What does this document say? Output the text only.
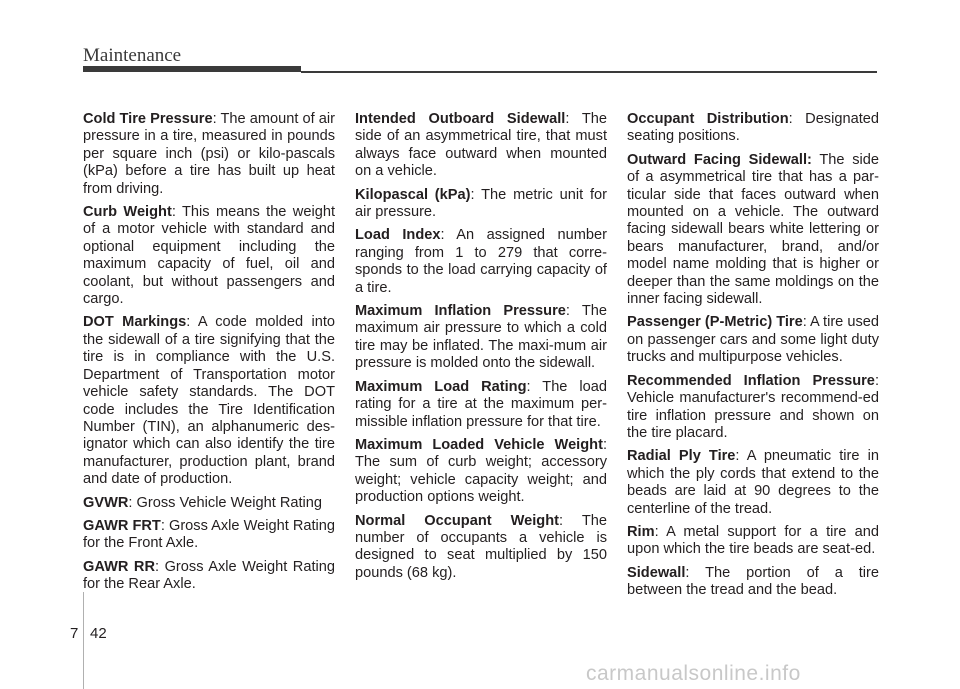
Maintenance

Cold Tire Pressure: The amount of air pressure in a tire, measured in pounds per square inch (psi) or kilo-pascals (kPa) before a tire has built up heat from driving.

Curb Weight: This means the weight of a motor vehicle with standard and optional equipment including the maximum capacity of fuel, oil and coolant, but without passengers and cargo.

DOT Markings: A code molded into the sidewall of a tire signifying that the tire is in compliance with the U.S. Department of Transportation motor vehicle safety standards. The DOT code includes the Tire Identification Number (TIN), an alphanumeric des-ignator which can also identify the tire manufacturer, production plant, brand and date of production.

GVWR: Gross Vehicle Weight Rating

GAWR FRT: Gross Axle Weight Rating for the Front Axle.

GAWR RR: Gross Axle Weight Rating for the Rear Axle.

Intended Outboard Sidewall: The side of an asymmetrical tire, that must always face outward when mounted on a vehicle.

Kilopascal (kPa): The metric unit for air pressure.

Load Index: An assigned number ranging from 1 to 279 that corre-sponds to the load carrying capacity of a tire.

Maximum Inflation Pressure: The maximum air pressure to which a cold tire may be inflated. The maxi-mum air pressure is molded onto the sidewall.

Maximum Load Rating: The load rating for a tire at the maximum per-missible inflation pressure for that tire.

Maximum Loaded Vehicle Weight: The sum of curb weight; accessory weight; vehicle capacity weight; and production options weight.

Normal Occupant Weight: The number of occupants a vehicle is designed to seat multiplied by 150 pounds (68 kg).

Occupant Distribution: Designated seating positions.

Outward Facing Sidewall: The side of a asymmetrical tire that has a par-ticular side that faces outward when mounted on a vehicle. The outward facing sidewall bears white lettering or bears manufacturer, brand, and/or model name molding that is higher or deeper than the same moldings on the inner facing sidewall.

Passenger (P-Metric) Tire: A tire used on passenger cars and some light duty trucks and multipurpose vehicles.

Recommended Inflation Pressure: Vehicle manufacturer's recommend-ed tire inflation pressure and shown on the tire placard.

Radial Ply Tire: A pneumatic tire in which the ply cords that extend to the beads are laid at 90 degrees to the centerline of the tread.

Rim: A metal support for a tire and upon which the tire beads are seat-ed.

Sidewall: The portion of a tire between the tread and the bead.

7 42
carmanualsonline.info
